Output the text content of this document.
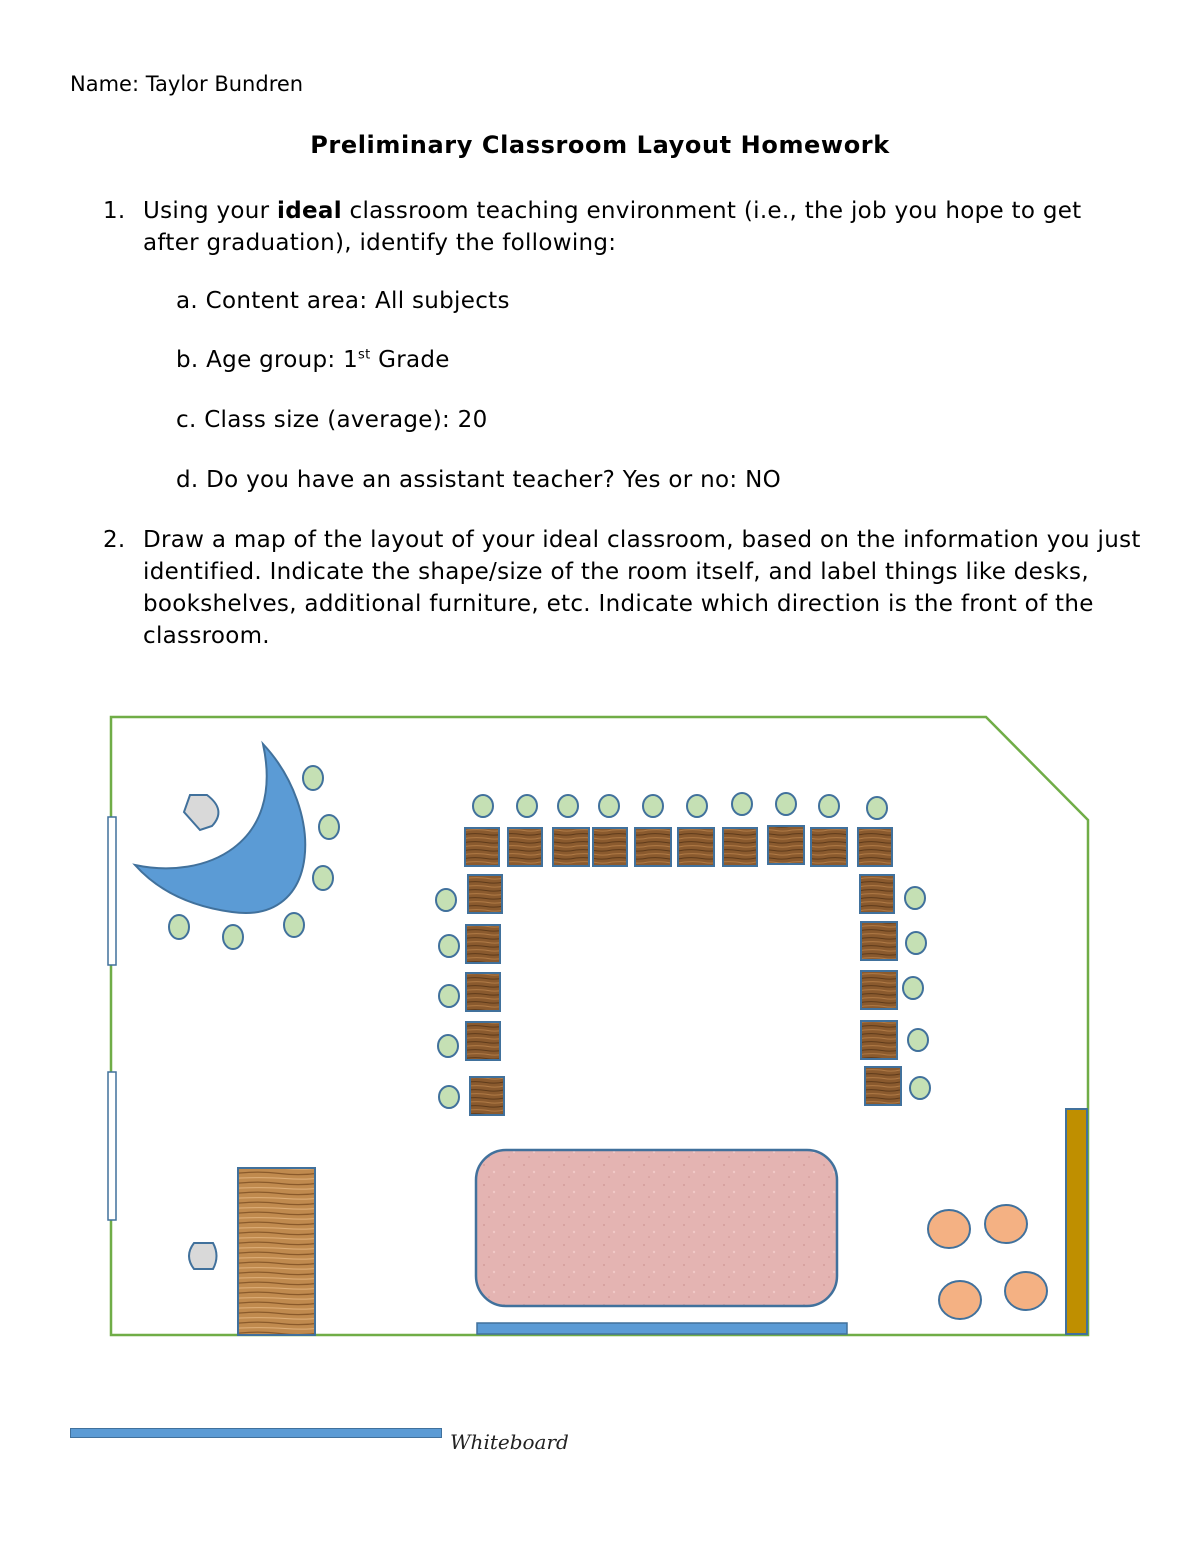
Name: Taylor Bundren
Preliminary Classroom Layout Homework
1. Using your ideal classroom teaching environment (i.e., the job you hope to get after graduation), identify the following:
a. Content area: All subjects
b. Age group: 1st Grade
c. Class size (average): 20
d. Do you have an assistant teacher? Yes or no: NO
2. Draw a map of the layout of your ideal classroom, based on the information you just identified. Indicate the shape/size of the room itself, and label things like desks, bookshelves, additional furniture, etc. Indicate which direction is the front of the classroom.
Whiteboard
